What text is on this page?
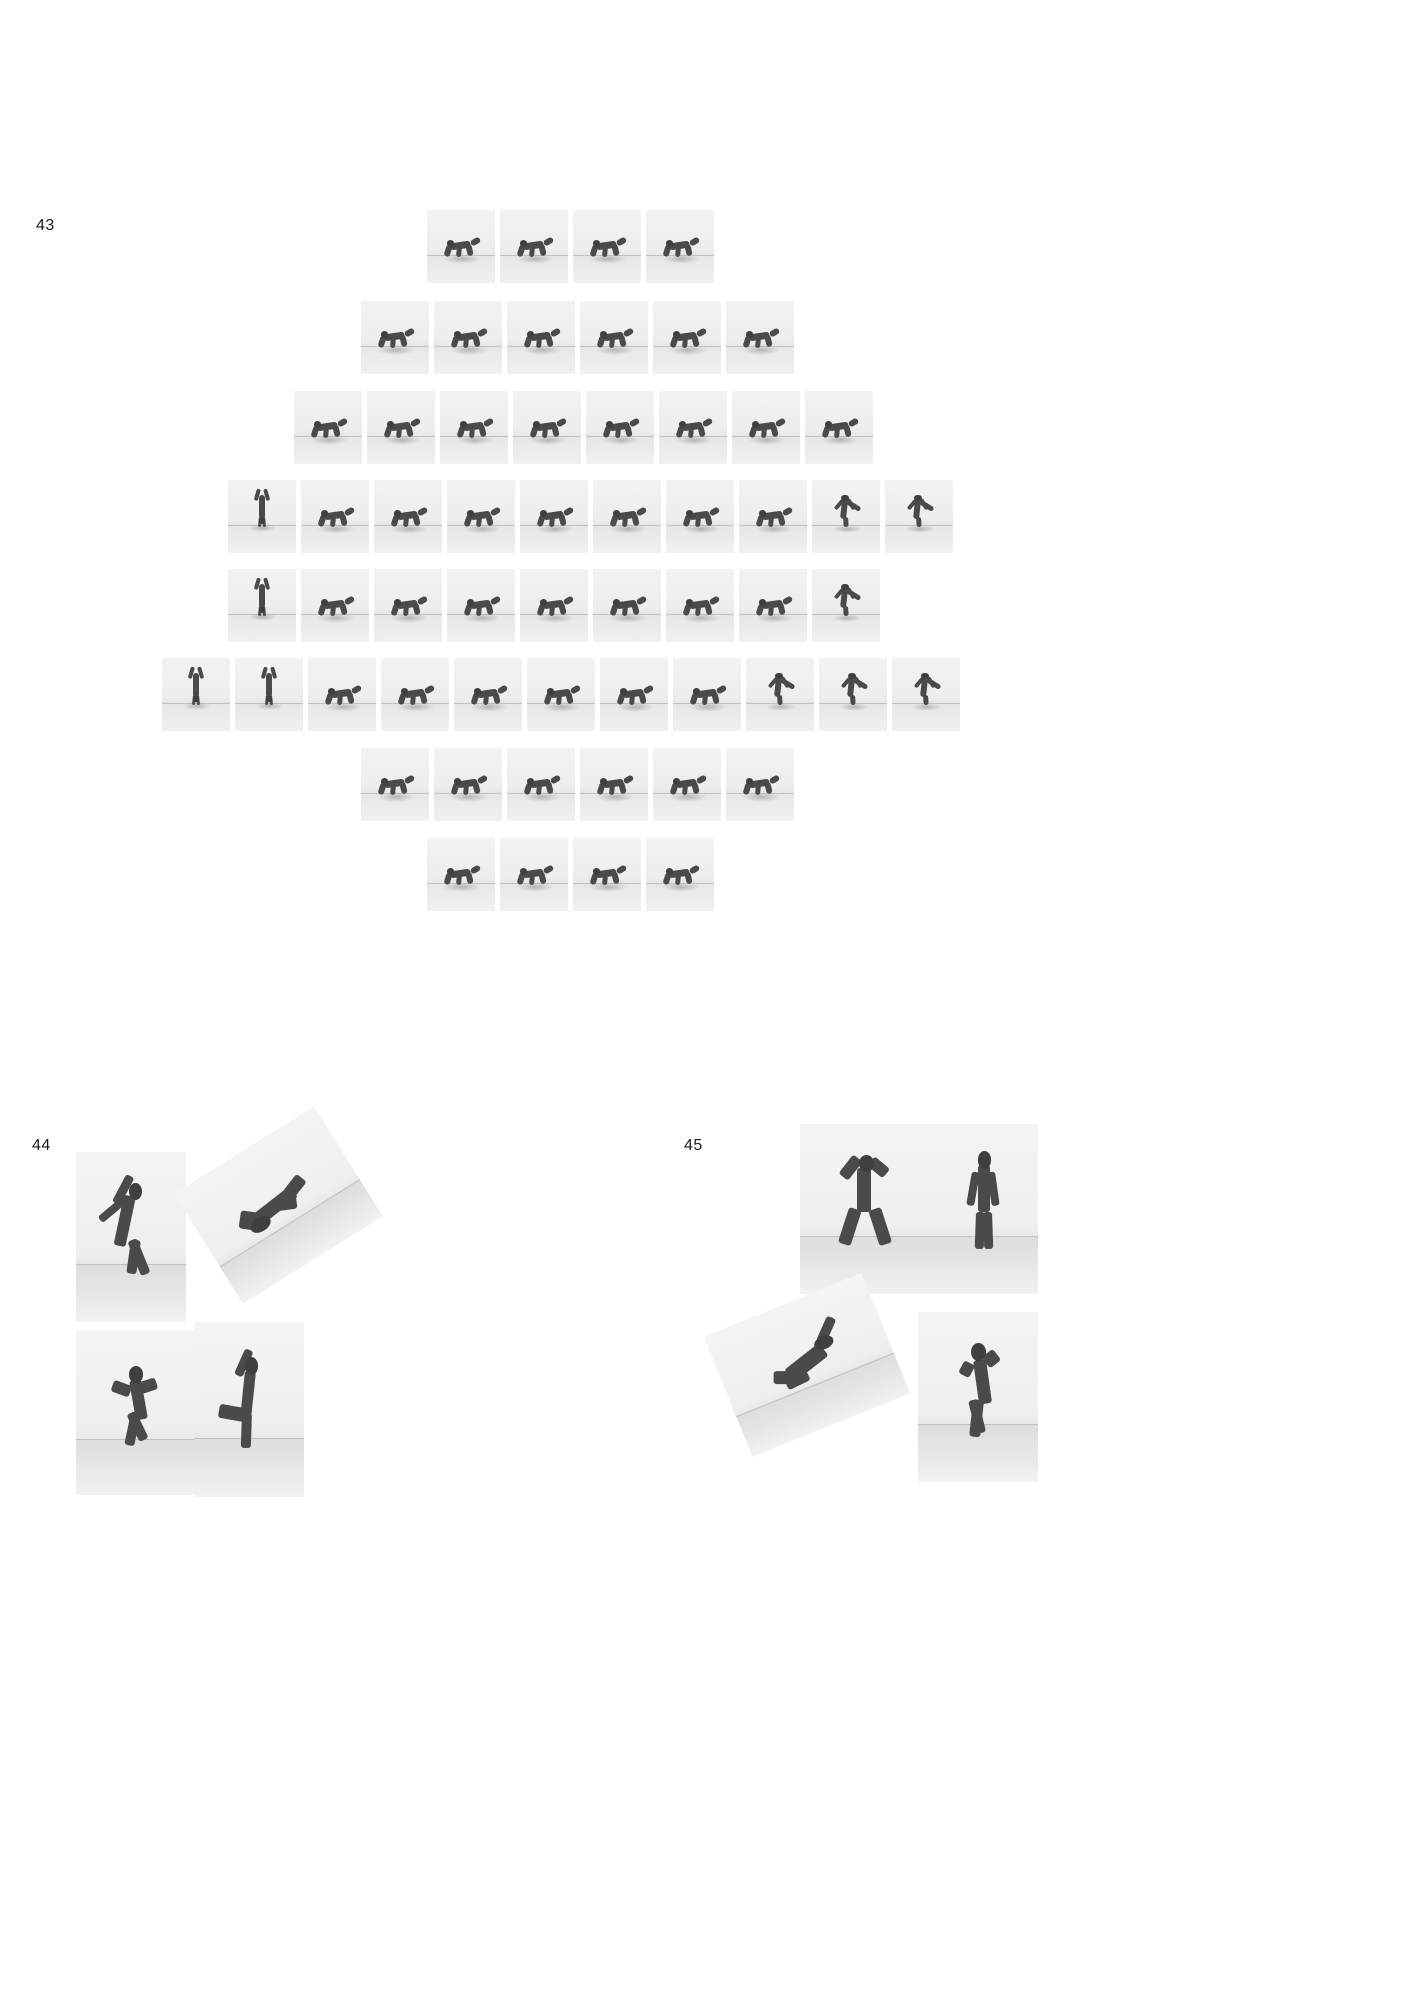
43
44	45
